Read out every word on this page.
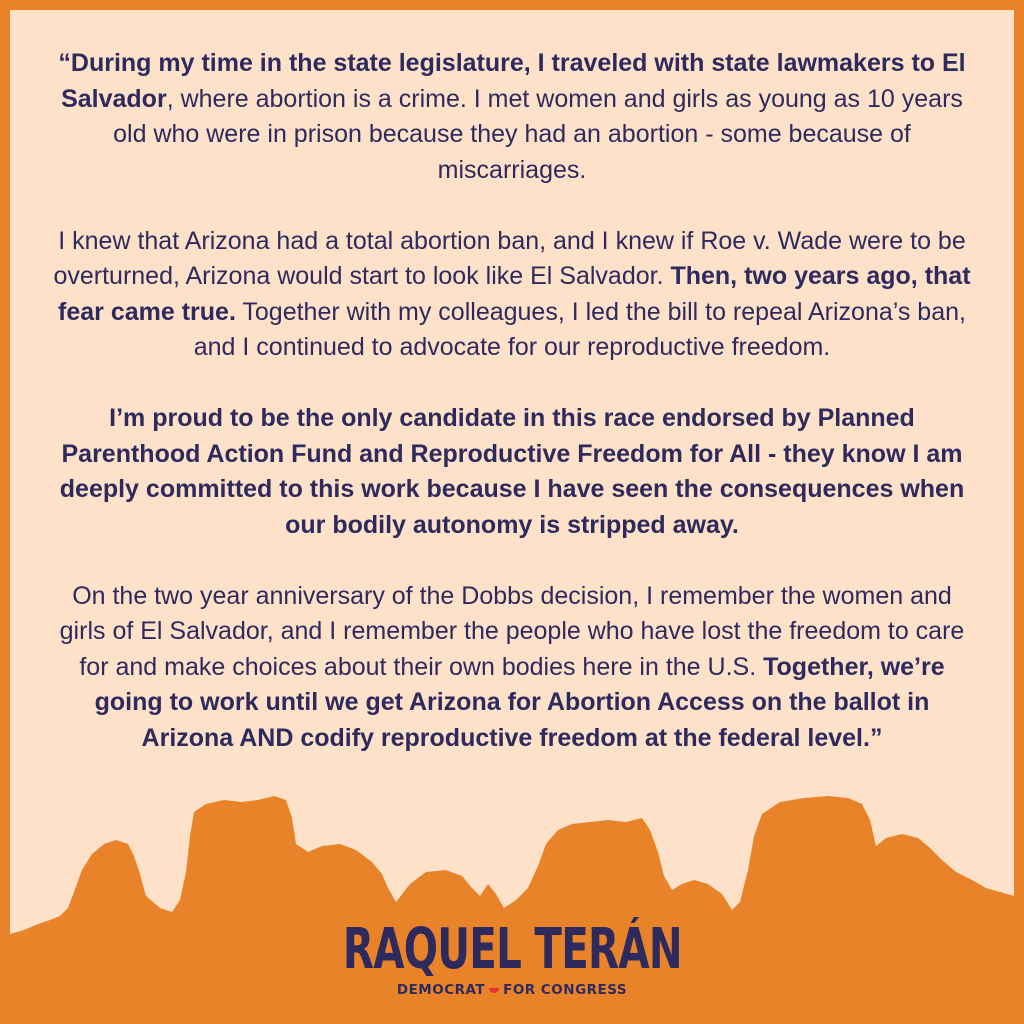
“During my time in the state legislature, I traveled with state lawmakers to El Salvador, where abortion is a crime. I met women and girls as young as 10 years old who were in prison because they had an abortion - some because of miscarriages.

I knew that Arizona had a total abortion ban, and I knew if Roe v. Wade were to be overturned, Arizona would start to look like El Salvador. Then, two years ago, that fear came true. Together with my colleagues, I led the bill to repeal Arizona’s ban, and I continued to advocate for our reproductive freedom.

I’m proud to be the only candidate in this race endorsed by Planned Parenthood Action Fund and Reproductive Freedom for All - they know I am deeply committed to this work because I have seen the consequences when our bodily autonomy is stripped away.

On the two year anniversary of the Dobbs decision, I remember the women and girls of El Salvador, and I remember the people who have lost the freedom to care for and make choices about their own bodies here in the U.S. Together, we’re going to work until we get Arizona for Abortion Access on the ballot in Arizona AND codify reproductive freedom at the federal level.”

RAQUEL TERÁN
DEMOCRAT FOR CONGRESS
